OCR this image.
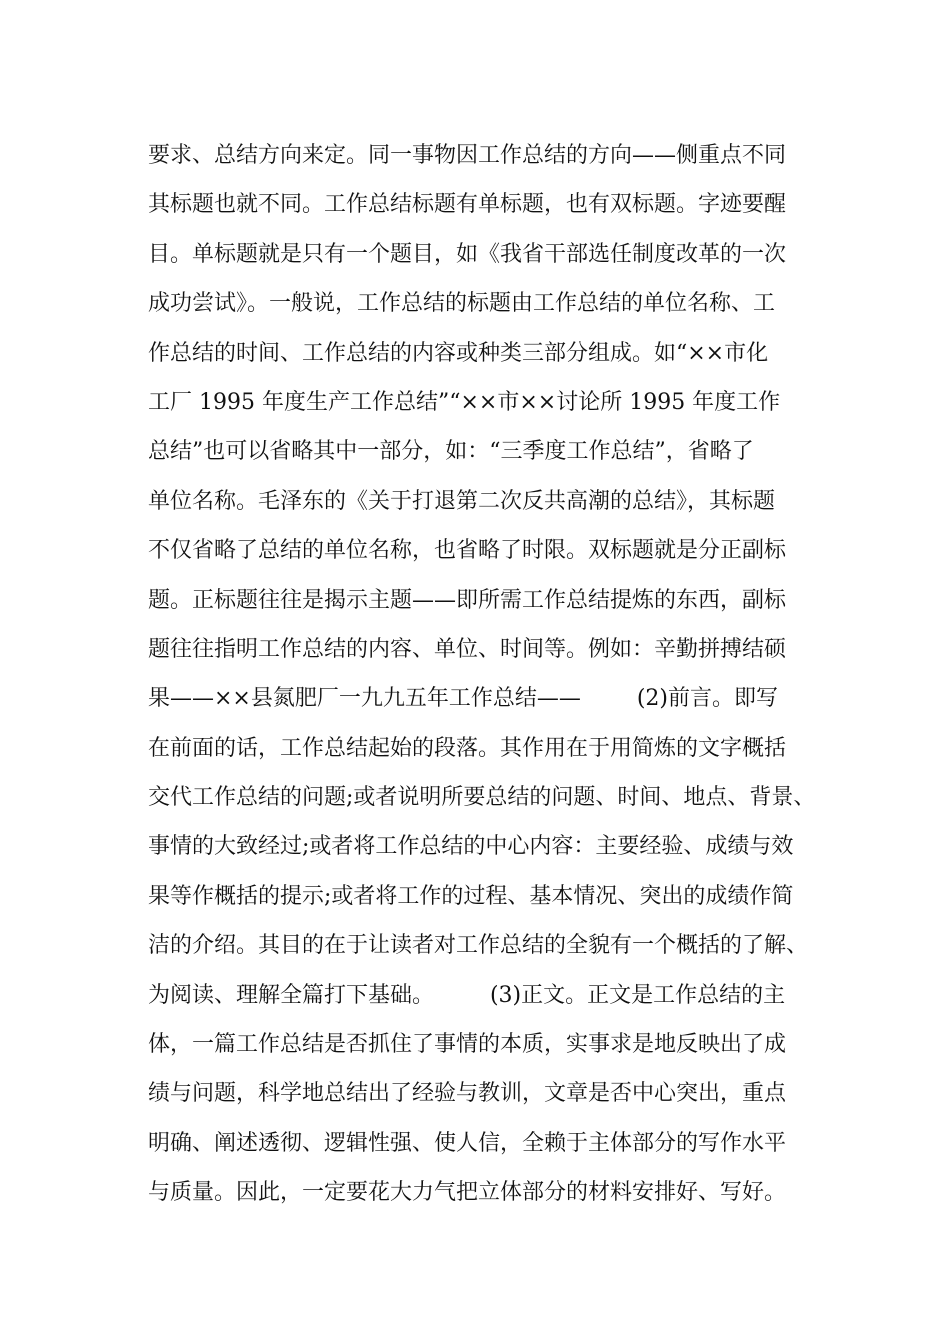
要求、总结方向来定。同一事物因工作总结的方向——侧重点不同
其标题也就不同。工作总结标题有单标题，也有双标题。字迹要醒
目。单标题就是只有一个题目，如《我省干部选任制度改革的一次
成功尝试》。一般说，工作总结的标题由工作总结的单位名称、工
作总结的时间、工作总结的内容或种类三部分组成。如“××市化
工厂 1995 年度生产工作总结”“××市××讨论所 1995 年度工作
总结”也可以省略其中一部分，如：“三季度工作总结”，省略了
单位名称。毛泽东的《关于打退第二次反共高潮的总结》，其标题
不仅省略了总结的单位名称，也省略了时限。双标题就是分正副标
题。正标题往往是揭示主题——即所需工作总结提炼的东西，副标
题往往指明工作总结的内容、单位、时间等。例如：辛勤拼搏结硕
果——××县氮肥厂一九九五年工作总结——        (2)前言。即写
在前面的话，工作总结起始的段落。其作用在于用简炼的文字概括
交代工作总结的问题;或者说明所要总结的问题、时间、地点、背景、
事情的大致经过;或者将工作总结的中心内容：主要经验、成绩与效
果等作概括的提示;或者将工作的过程、基本情况、突出的成绩作简
洁的介绍。其目的在于让读者对工作总结的全貌有一个概括的了解、
为阅读、理解全篇打下基础。        (3)正文。正文是工作总结的主
体，一篇工作总结是否抓住了事情的本质，实事求是地反映出了成
绩与问题，科学地总结出了经验与教训，文章是否中心突出，重点
明确、阐述透彻、逻辑性强、使人信，全赖于主体部分的写作水平
与质量。因此，一定要花大力气把立体部分的材料安排好、写好。
